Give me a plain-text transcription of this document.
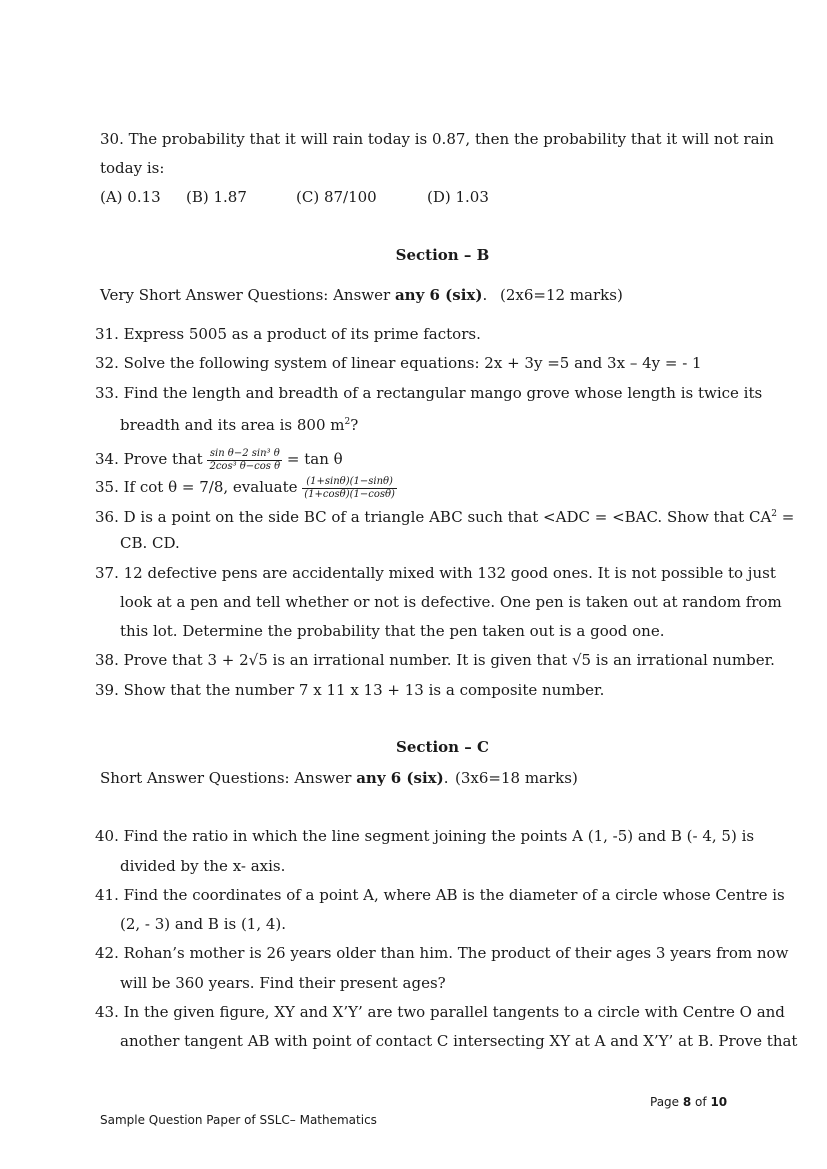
30. The probability that it will rain today is 0.87, then the probability that it will not rain
today is:
(A) 0.13 (B) 1.87	(C) 87/100	(D) 1.03
Section – B
Very Short Answer Questions: Answer any 6 (six). (2x6=12 marks)
31. Express 5005 as a product of its prime factors.
32. Solve the following system of linear equations: 2x + 3y =5 and 3x – 4y = - 1
33. Find the length and breadth of a rectangular mango grove whose length is twice its
breadth and its area is 800 $m^2$?
34. Prove that $\frac{\text{sin θ−2 sin³ θ}}{\text{2cos³ θ−cos θ}} = \tan \theta$
35. If cot θ = 7/8, evaluate $\frac{(1+\sin\theta)(1-\sin\theta)}{(1+\cos\theta)(1-\cos\theta)}$
36. D is a point on the side BC of a triangle ABC such that <ADC = <BAC. Show that $CA^2$ =
CB. CD.
37. 12 defective pens are accidentally mixed with 132 good ones. It is not possible to just
look at a pen and tell whether or not is defective. One pen is taken out at random from
this lot. Determine the probability that the pen taken out is a good one.
38. Prove that 3 + 2√5 is an irrational number. It is given that √5 is an irrational number.
39. Show that the number 7 x 11 x 13 + 13 is a composite number.
Section – C
Short Answer Questions: Answer any 6 (six). (3x6=18 marks)
40. Find the ratio in which the line segment joining the points A (1, -5) and B (- 4, 5) is
divided by the x- axis.
41. Find the coordinates of a point A, where AB is the diameter of a circle whose Centre is
(2, - 3) and B is (1, 4).
42. Rohan’s mother is 26 years older than him. The product of their ages 3 years from now
will be 360 years. Find their present ages?
43. In the given figure, XY and X’Y’ are two parallel tangents to a circle with Centre O and
another tangent AB with point of contact C intersecting XY at A and X’Y’ at B. Prove that
Page 8 of 10
Sample Question Paper of SSLC– Mathematics
